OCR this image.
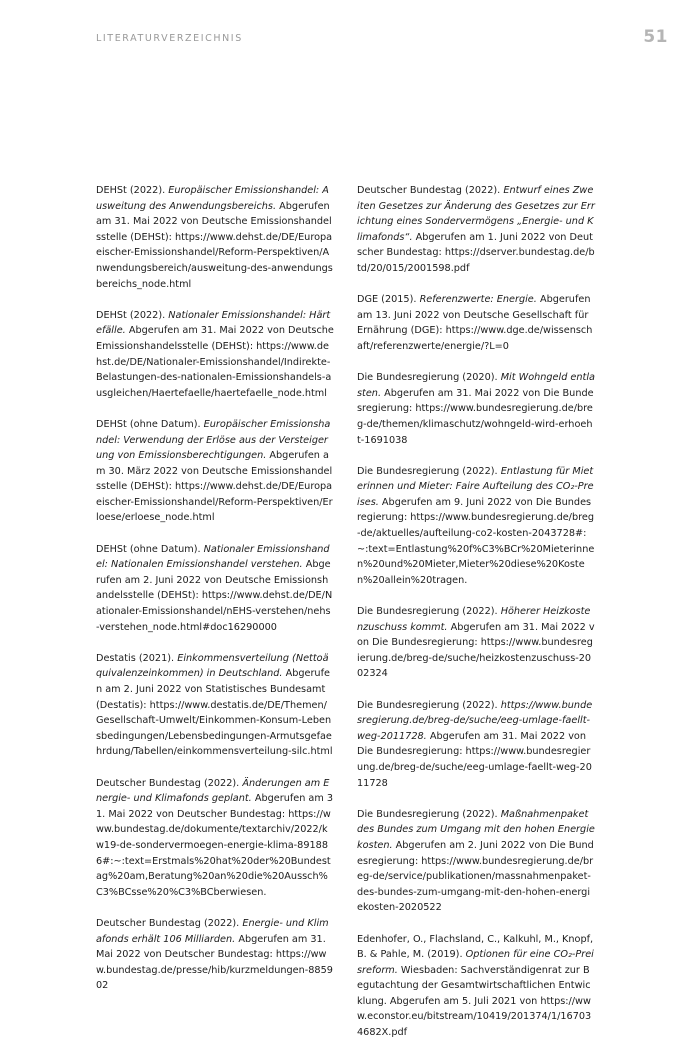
LITERATURVERZEICHNIS	51

DEHSt (2022). Europäischer Emissionshandel: Ausweitung des Anwendungsbereichs. Abgerufen am 31. Mai 2022 von Deutsche Emissionshandelsstelle (DEHSt): https://www.dehst.de/DE/Europaeischer-Emissionshandel/Reform-Perspektiven/Anwendungsbereich/ausweitung-des-anwendungsbereichs_node.html

DEHSt (2022). Nationaler Emissionshandel: Härtefälle. Abgerufen am 31. Mai 2022 von Deutsche Emissionshandelsstelle (DEHSt): https://www.dehst.de/DE/Nationaler-Emissionshandel/Indirekte-Belastungen-des-nationalen-Emissionshandels-ausgleichen/Haertefaelle/haertefaelle_node.html

DEHSt (ohne Datum). Europäischer Emissionshandel: Verwendung der Erlöse aus der Versteigerung von Emissionsberechtigungen. Abgerufen am 30. März 2022 von Deutsche Emissionshandelsstelle (DEHSt): https://www.dehst.de/DE/Europaeischer-Emissionshandel/Reform-Perspektiven/Erloese/erloese_node.html

DEHSt (ohne Datum). Nationaler Emissionshandel: Nationalen Emissionshandel verstehen. Abgerufen am 2. Juni 2022 von Deutsche Emissionshandelsstelle (DEHSt): https://www.dehst.de/DE/Nationaler-Emissionshandel/nEHS-verstehen/nehs-verstehen_node.html#doc16290000

Destatis (2021). Einkommensverteilung (Nettoäquivalenzeinkommen) in Deutschland. Abgerufen am 2. Juni 2022 von Statistisches Bundesamt (Destatis): https://www.destatis.de/DE/Themen/Gesellschaft-Umwelt/Einkommen-Konsum-Lebensbedingungen/Lebensbedingungen-Armutsgefaehrdung/Tabellen/einkommensverteilung-silc.html

Deutscher Bundestag (2022). Änderungen am Energie- und Klimafonds geplant. Abgerufen am 31. Mai 2022 von Deutscher Bundestag: https://www.bundestag.de/dokumente/textarchiv/2022/kw19-de-sondervermoegen-energie-klima-891886#:~:text=Erstmals%20hat%20der%20Bundestag%20am,Beratung%20an%20die%20Aussch%C3%BCsse%20%C3%BCberwiesen.

Deutscher Bundestag (2022). Energie- und Klimafonds erhält 106 Milliarden. Abgerufen am 31. Mai 2022 von Deutscher Bundestag: https://www.bundestag.de/presse/hib/kurzmeldungen-885902

Deutscher Bundestag (2022). Entwurf eines Zweiten Gesetzes zur Änderung des Gesetzes zur Errichtung eines Sondervermögens „Energie- und Klimafonds“. Abgerufen am 1. Juni 2022 von Deutscher Bundestag: https://dserver.bundestag.de/btd/20/015/2001598.pdf

DGE (2015). Referenzwerte: Energie. Abgerufen am 13. Juni 2022 von Deutsche Gesellschaft für Ernährung (DGE): https://www.dge.de/wissenschaft/referenzwerte/energie/?L=0

Die Bundesregierung (2020). Mit Wohngeld entlasten. Abgerufen am 31. Mai 2022 von Die Bundesregierung: https://www.bundesregierung.de/breg-de/themen/klimaschutz/wohngeld-wird-erhoeht-1691038

Die Bundesregierung (2022). Entlastung für Mieterinnen und Mieter: Faire Aufteilung des CO₂-Preises. Abgerufen am 9. Juni 2022 von Die Bundesregierung: https://www.bundesregierung.de/breg-de/aktuelles/aufteilung-co2-kosten-2043728#:~:text=Entlastung%20f%C3%BCr%20Mieterinnen%20und%20Mieter,Mieter%20diese%20Kosten%20allein%20tragen.

Die Bundesregierung (2022). Höherer Heizkostenzuschuss kommt. Abgerufen am 31. Mai 2022 von Die Bundesregierung: https://www.bundesregierung.de/breg-de/suche/heizkostenzuschuss-2002324

Die Bundesregierung (2022). https://www.bundesregierung.de/breg-de/suche/eeg-umlage-faellt-weg-2011728. Abgerufen am 31. Mai 2022 von Die Bundesregierung: https://www.bundesregierung.de/breg-de/suche/eeg-umlage-faellt-weg-2011728

Die Bundesregierung (2022). Maßnahmenpaket des Bundes zum Umgang mit den hohen Energiekosten. Abgerufen am 2. Juni 2022 von Die Bundesregierung: https://www.bundesregierung.de/breg-de/service/publikationen/massnahmenpaket-des-bundes-zum-umgang-mit-den-hohen-energiekosten-2020522

Edenhofer, O., Flachsland, C., Kalkuhl, M., Knopf, B. & Pahle, M. (2019). Optionen für eine CO₂-Preisreform. Wiesbaden: Sachverständigenrat zur Begutachtung der Gesamtwirtschaftlichen Entwicklung. Abgerufen am 5. Juli 2021 von https://www.econstor.eu/bitstream/10419/201374/1/167034682X.pdf
